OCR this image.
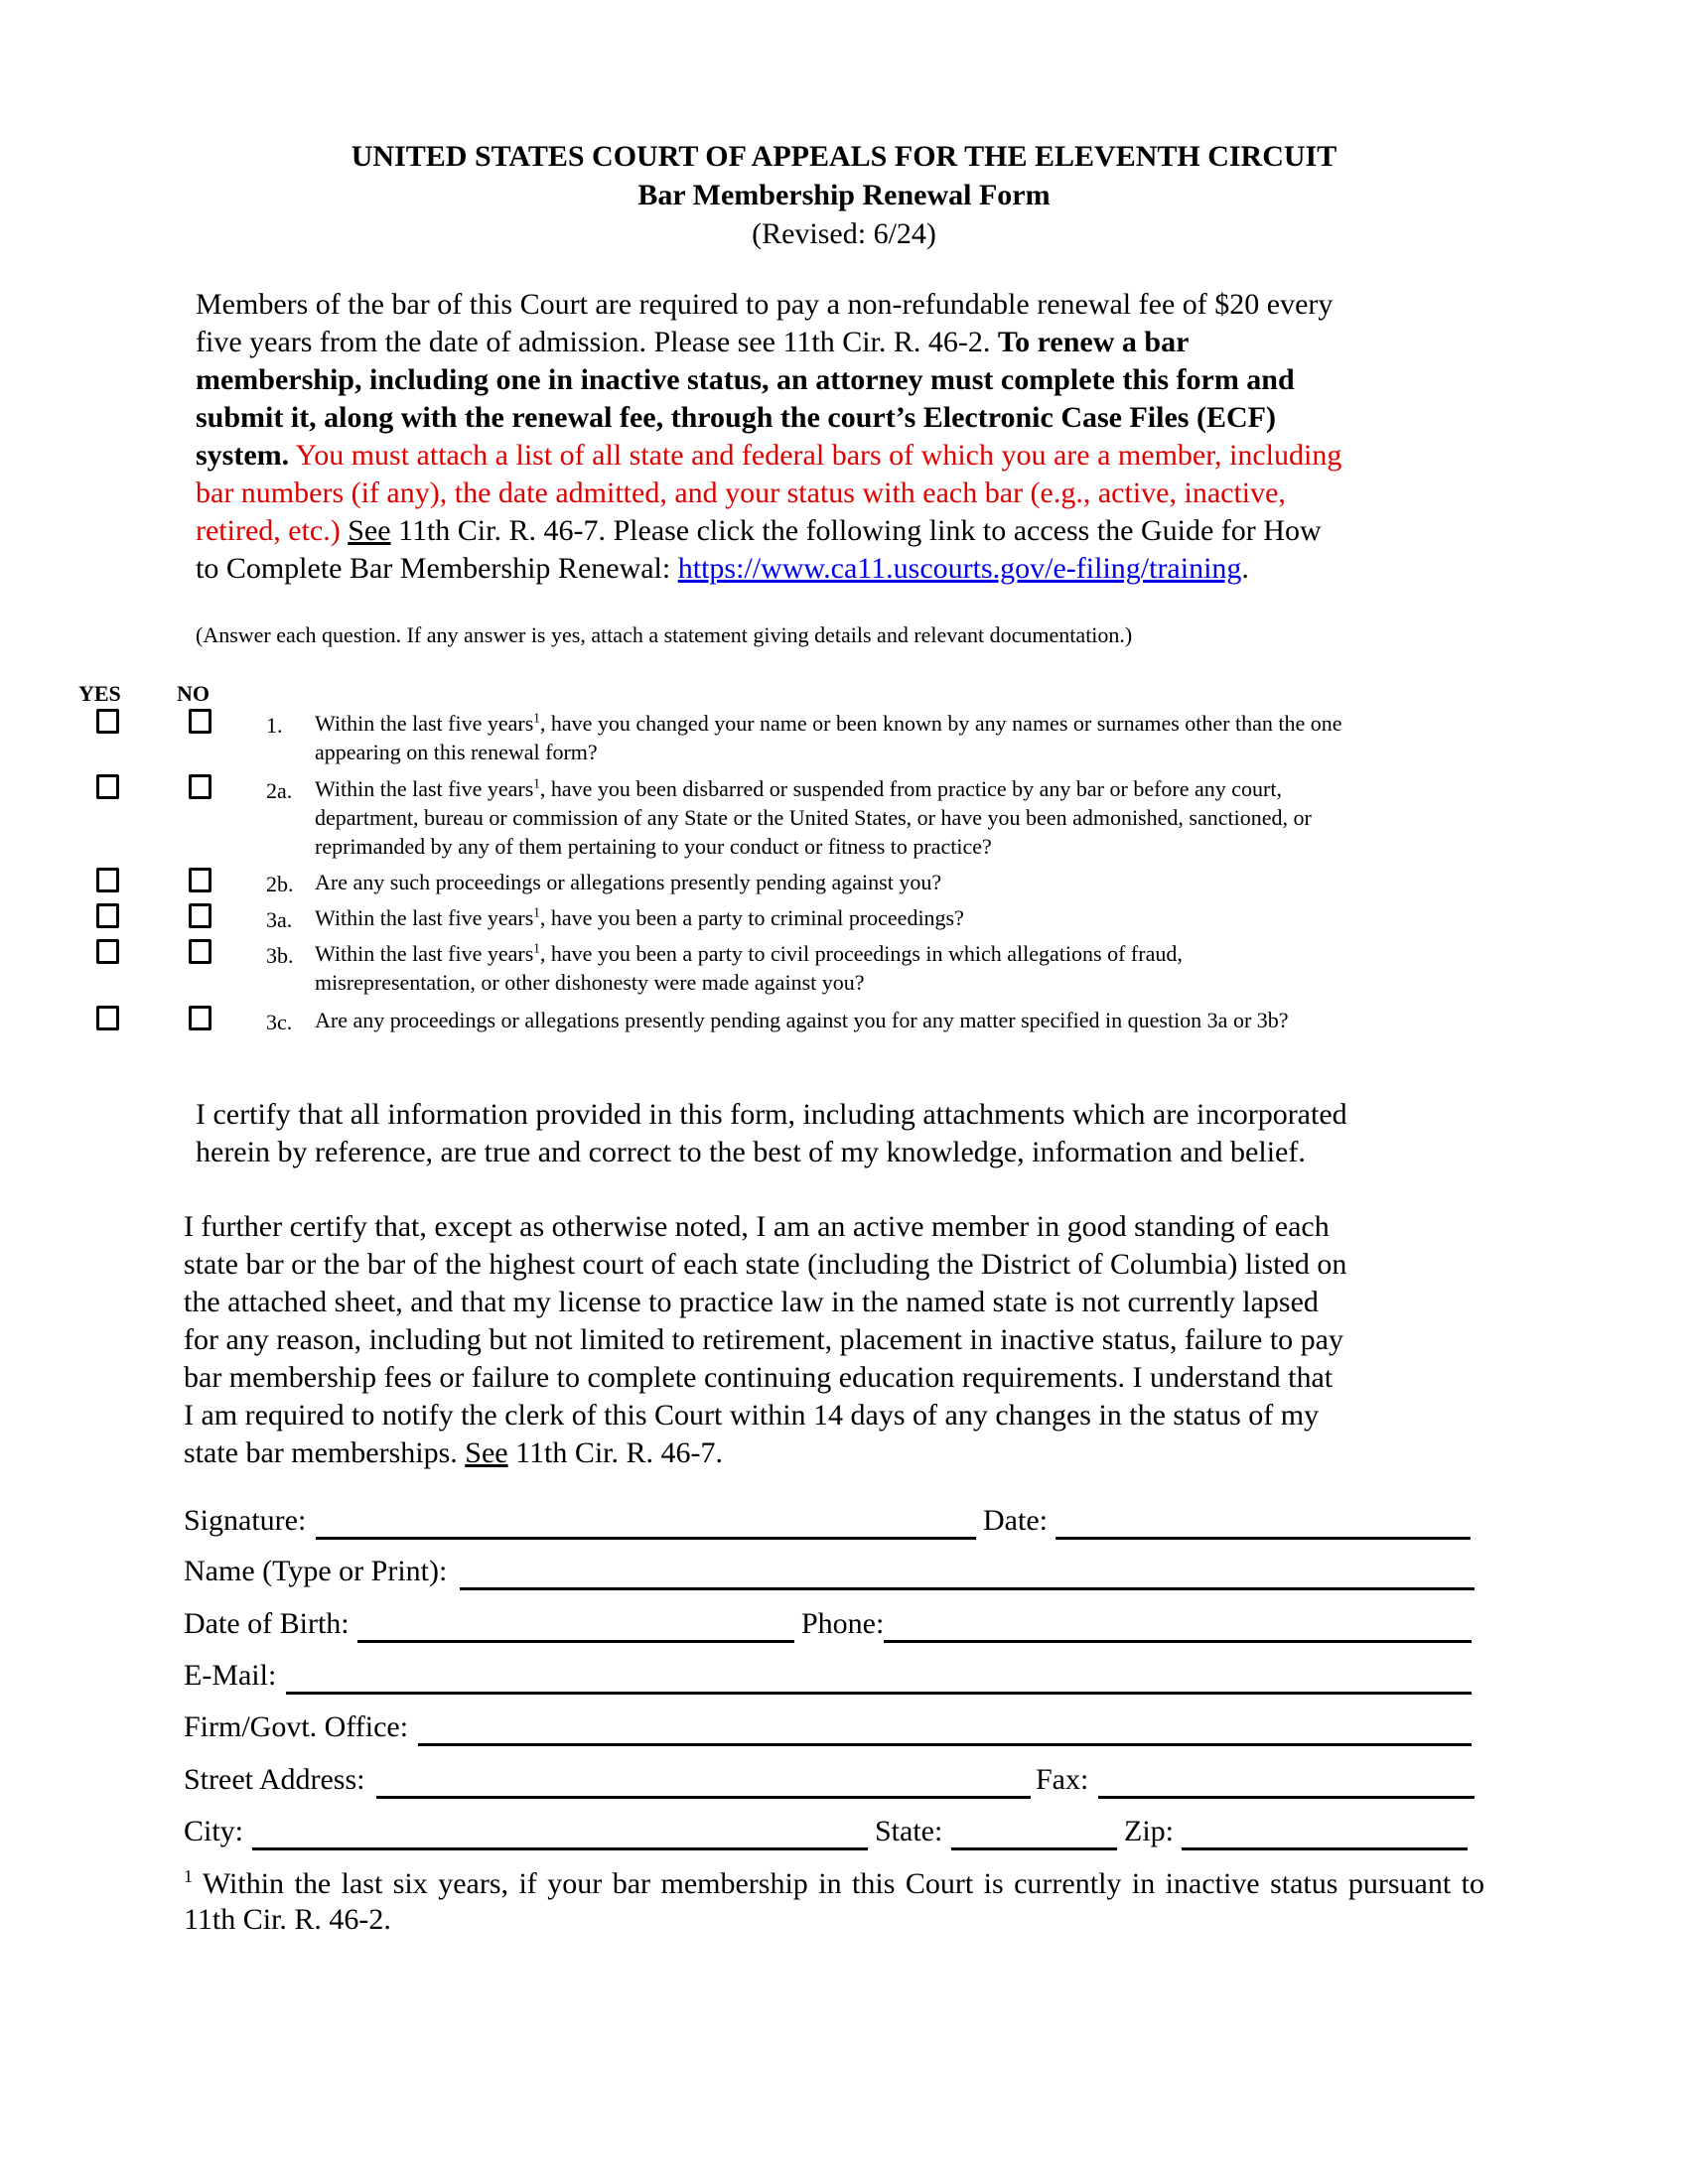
UNITED STATES COURT OF APPEALS FOR THE ELEVENTH CIRCUIT
Bar Membership Renewal Form
(Revised: 6/24)
Members of the bar of this Court are required to pay a non-refundable renewal fee of $20 every
five years from the date of admission. Please see 11th Cir. R. 46-2. To renew a bar
membership, including one in inactive status, an attorney must complete this form and
submit it, along with the renewal fee, through the court’s Electronic Case Files (ECF)
system. You must attach a list of all state and federal bars of which you are a member, including
bar numbers (if any), the date admitted, and your status with each bar (e.g., active, inactive,
retired, etc.) See 11th Cir. R. 46-7. Please click the following link to access the Guide for How
to Complete Bar Membership Renewal: https://www.ca11.uscourts.gov/e-filing/training.
(Answer each question. If any answer is yes, attach a statement giving details and relevant documentation.)
YES	NO
1. Within the last five years$^1$, have you changed your name or been known by any names or surnames other than the one
appearing on this renewal form?
2a. Within the last five years$^1$, have you been disbarred or suspended from practice by any bar or before any court,
department, bureau or commission of any State or the United States, or have you been admonished, sanctioned, or
reprimanded by any of them pertaining to your conduct or fitness to practice?
2b. Are any such proceedings or allegations presently pending against you?
3a. Within the last five years$^1$, have you been a party to criminal proceedings?
3b. Within the last five years$^1$, have you been a party to civil proceedings in which allegations of fraud,
misrepresentation, or other dishonesty were made against you?
3c. Are any proceedings or allegations presently pending against you for any matter specified in question 3a or 3b?
I certify that all information provided in this form, including attachments which are incorporated
herein by reference, are true and correct to the best of my knowledge, information and belief.
I further certify that, except as otherwise noted, I am an active member in good standing of each
state bar or the bar of the highest court of each state (including the District of Columbia) listed on
the attached sheet, and that my license to practice law in the named state is not currently lapsed
for any reason, including but not limited to retirement, placement in inactive status, failure to pay
bar membership fees or failure to complete continuing education requirements. I understand that
I am required to notify the clerk of this Court within 14 days of any changes in the status of my
state bar memberships. See 11th Cir. R. 46-7.
Signature:	Date:
Name (Type or Print):
Date of Birth:	Phone:
E-Mail:
Firm/Govt. Office:
Street Address:	Fax:
City:	State:	Zip:
$^1$ Within the last six years, if your bar membership in this Court is currently in inactive status pursuant to 11th Cir. R. 46-2.
